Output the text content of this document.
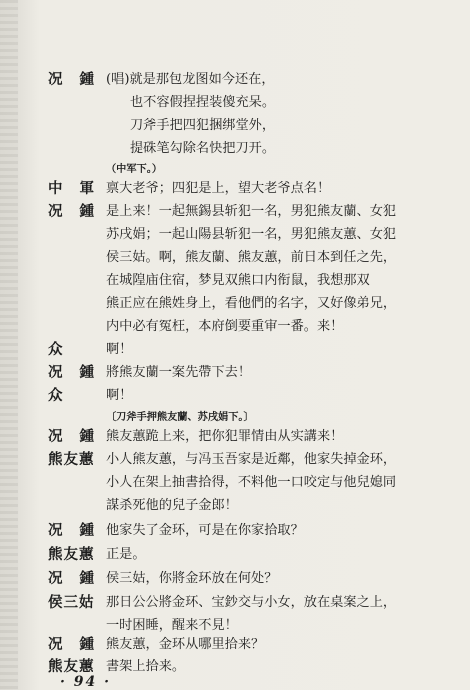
况 鍾 (唱)就是那包龙图如今还在，
也不容假捏捏装傻充呆。
刀斧手把四犯捆绑堂外，
提硃笔勾除名快把刀开。
（中军下。）
中 軍 禀大老爷；四犯是上，望大老爷点名！
况 鍾 是上来！一起無錫县斩犯一名，男犯熊友蘭、女犯
苏戌娟；一起山陽县斩犯一名，男犯熊友蕙、女犯
侯三姑。啊，熊友蘭、熊友蕙，前日本到任之先，
在城隍庙住宿，梦見双熊口内衔鼠，我想那双
熊正应在熊姓身上，看他們的名字，又好像弟兄，
内中必有冤枉，本府倒要重审一番。来！
众	啊！
况 鍾 將熊友蘭一案先帶下去！
众	啊！
〔刀斧手押熊友蘭、苏戌娟下。〕
况 鍾 熊友蕙跪上来，把你犯罪情由从实講来！
熊友蕙 小人熊友蕙，与冯玉吾家是近鄰，他家失掉金环，
小人在架上抽書拾得，不料他一口咬定与他兒媳同
謀杀死他的兒子金郎！
况 鍾 他家失了金环，可是在你家拾取？
熊友蕙 正是。
况 鍾 侯三姑，你將金环放在何处？
侯三姑 那日公公將金环、宝鈔交与小女，放在桌案之上，
一时困睡，醒来不見！
况 鍾 熊友蕙，金环从哪里拾来？
熊友蕙 書架上拾来。
· 94 ·
